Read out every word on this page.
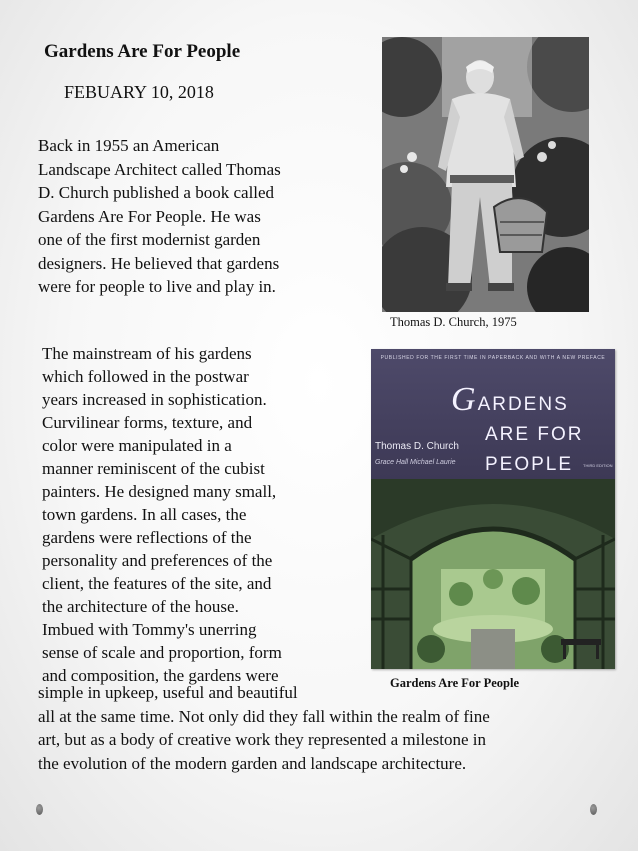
Gardens Are For People
FEBUARY 10, 2018

Back in 1955 an American
Landscape Architect called Thomas
D. Church published a book called
Gardens Are For People. He was
one of the first modernist garden
designers. He believed that gardens
were for people to live and play in.

Thomas D. Church, 1975

The mainstream of his gardens
which followed in the postwar
years increased in sophistication.
Curvilinear forms, texture, and
color were manipulated in a
manner reminiscent of the cubist
painters. He designed many small,
town gardens. In all cases, the
gardens were reflections of the
personality and preferences of the
client, the features of the site, and
the architecture of the house.
Imbued with Tommy's unerring
sense of scale and proportion, form
and composition, the gardens were

PUBLISHED FOR THE FIRST TIME IN PAPERBACK AND WITH A NEW PREFACE
GARDENS
ARE FOR
PEOPLE	THIRD EDITION
Thomas D. Church
Grace Hall Michael Laurie
Gardens Are For People

simple in upkeep, useful and beautiful
all at the same time. Not only did they fall within the realm of fine
art, but as a body of creative work they represented a milestone in
the evolution of the modern garden and landscape architecture.
